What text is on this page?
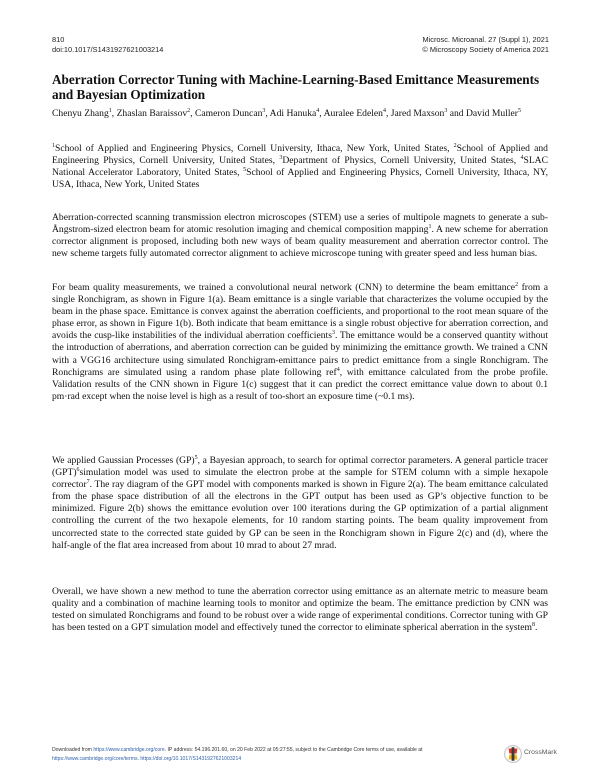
810
doi:10.1017/S1431927621003214
Microsc. Microanal. 27 (Suppl 1), 2021
© Microscopy Society of America 2021
Aberration Corrector Tuning with Machine-Learning-Based Emittance Measurements and Bayesian Optimization

Chenyu Zhang$^1$, Zhaslan Baraissov$^2$, Cameron Duncan$^3$, Adi Hanuka$^4$, Auralee Edelen$^4$, Jared Maxson$^3$ and David Muller$^5$

$^1$School of Applied and Engineering Physics, Cornell University, Ithaca, New York, United States, $^2$School of Applied and Engineering Physics, Cornell University, United States, $^3$Department of Physics, Cornell University, United States, $^4$SLAC National Accelerator Laboratory, United States, $^5$School of Applied and Engineering Physics, Cornell University, Ithaca, NY, USA, Ithaca, New York, United States

Aberration-corrected scanning transmission electron microscopes (STEM) use a series of multipole magnets to generate a sub-Ångstrom-sized electron beam for atomic resolution imaging and chemical composition mapping$^1$. A new scheme for aberration corrector alignment is proposed, including both new ways of beam quality measurement and aberration corrector control. The new scheme targets fully automated corrector alignment to achieve microscope tuning with greater speed and less human bias.

For beam quality measurements, we trained a convolutional neural network (CNN) to determine the beam emittance$^2$ from a single Ronchigram, as shown in Figure 1(a). Beam emittance is a single variable that characterizes the volume occupied by the beam in the phase space. Emittance is convex against the aberration coefficients, and proportional to the root mean square of the phase error, as shown in Figure 1(b). Both indicate that beam emittance is a single robust objective for aberration correction, and avoids the cusp-like instabilities of the individual aberration coefficients$^3$. The emittance would be a conserved quantity without the introduction of aberrations, and aberration correction can be guided by minimizing the emittance growth. We trained a CNN with a VGG16 architecture using simulated Ronchigram-emittance pairs to predict emittance from a single Ronchigram. The Ronchigrams are simulated using a random phase plate following ref$^4$, with emittance calculated from the probe profile. Validation results of the CNN shown in Figure 1(c) suggest that it can predict the correct emittance value down to about 0.1 pm·rad except when the noise level is high as a result of too-short an exposure time (~0.1 ms).

We applied Gaussian Processes (GP)$^5$, a Bayesian approach, to search for optimal corrector parameters. A general particle tracer (GPT)$^6$simulation model was used to simulate the electron probe at the sample for STEM column with a simple hexapole corrector$^7$. The ray diagram of the GPT model with components marked is shown in Figure 2(a). The beam emittance calculated from the phase space distribution of all the electrons in the GPT output has been used as GP’s objective function to be minimized. Figure 2(b) shows the emittance evolution over 100 iterations during the GP optimization of a partial alignment controlling the current of the two hexapole elements, for 10 random starting points. The beam quality improvement from uncorrected state to the corrected state guided by GP can be seen in the Ronchigram shown in Figure 2(c) and (d), where the half-angle of the flat area increased from about 10 mrad to about 27 mrad.

Overall, we have shown a new method to tune the aberration corrector using emittance as an alternate metric to measure beam quality and a combination of machine learning tools to monitor and optimize the beam. The emittance prediction by CNN was tested on simulated Ronchigrams and found to be robust over a wide range of experimental conditions. Corrector tuning with GP has been tested on a GPT simulation model and effectively tuned the corrector to eliminate spherical aberration in the system$^8$.

Downloaded from https://www.cambridge.org/core. IP address: 54.196.201.60, on 20 Feb 2022 at 05:27:55, subject to the Cambridge Core terms of use, available at
https://www.cambridge.org/core/terms. https://doi.org/10.1017/S1431927621003214
CrossMark
